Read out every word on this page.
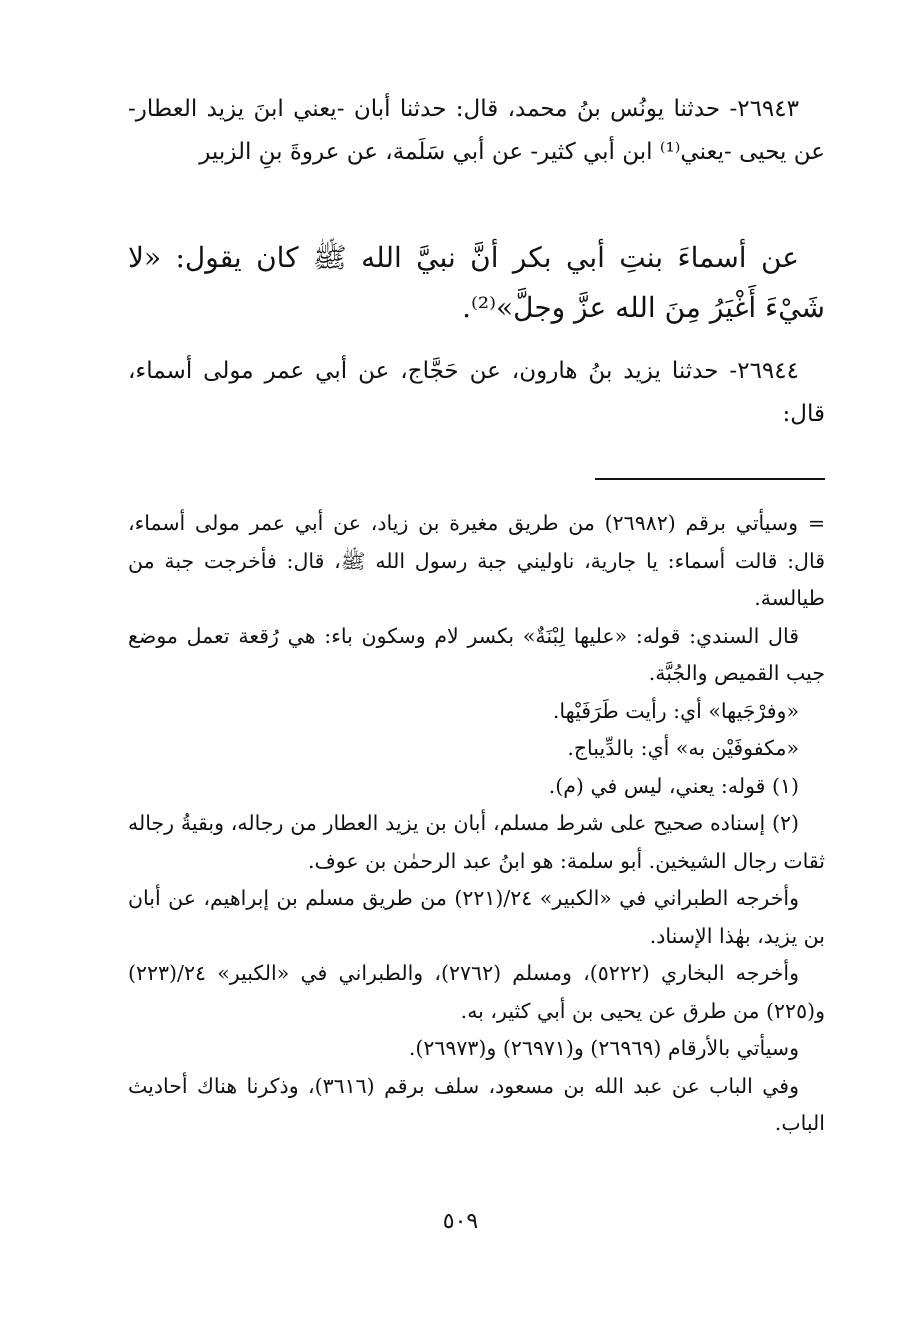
٢٦٩٤٣- حدثنا يونُس بنُ محمد، قال: حدثنا أبان -يعني ابنَ يزيد العطار- عن يحيى -يعني⁽¹⁾ ابن أبي كثير- عن أبي سَلَمة، عن عروةَ بنِ الزبير

عن أسماءَ بنتِ أبي بكر أنَّ نبيَّ الله ﷺ كان يقول: «لا شَيْءَ أَغْيَرُ مِنَ الله عزَّ وجلَّ»⁽²⁾.

٢٦٩٤٤- حدثنا يزيد بنُ هارون، عن حَجَّاج، عن أبي عمر مولى أسماء، قال:

= وسيأتي برقم (٢٦٩٨٢) من طريق مغيرة بن زياد، عن أبي عمر مولى أسماء، قال: قالت أسماء: يا جارية، ناوليني جبة رسول الله ﷺ، قال: فأخرجت جبة من طيالسة.

قال السندي: قوله: «عليها لِبْنَةٌ» بكسر لام وسكون باء: هي رُقعة تعمل موضع جيب القميص والجُبَّة.

«وفرْجَيها» أي: رأيت طَرَفَيْها.

«مكفوفَيْن به» أي: بالدِّيباج.

(١) قوله: يعني، ليس في (م).

(٢) إسناده صحيح على شرط مسلم، أبان بن يزيد العطار من رجاله، وبقيةُ رجاله ثقات رجال الشيخين. أبو سلمة: هو ابنُ عبد الرحمٰن بن عوف.

وأخرجه الطبراني في «الكبير» ٢٤/(٢٢١) من طريق مسلم بن إبراهيم، عن أبان بن يزيد، بهٰذا الإسناد.

وأخرجه البخاري (٥٢٢٢)، ومسلم (٢٧٦٢)، والطبراني في «الكبير» ٢٤/(٢٢٣) و(٢٢٥) من طرق عن يحيى بن أبي كثير، به.

وسيأتي بالأرقام (٢٦٩٦٩) و(٢٦٩٧١) و(٢٦٩٧٣).

وفي الباب عن عبد الله بن مسعود، سلف برقم (٣٦١٦)، وذكرنا هناك أحاديث الباب.

٥٠٩
